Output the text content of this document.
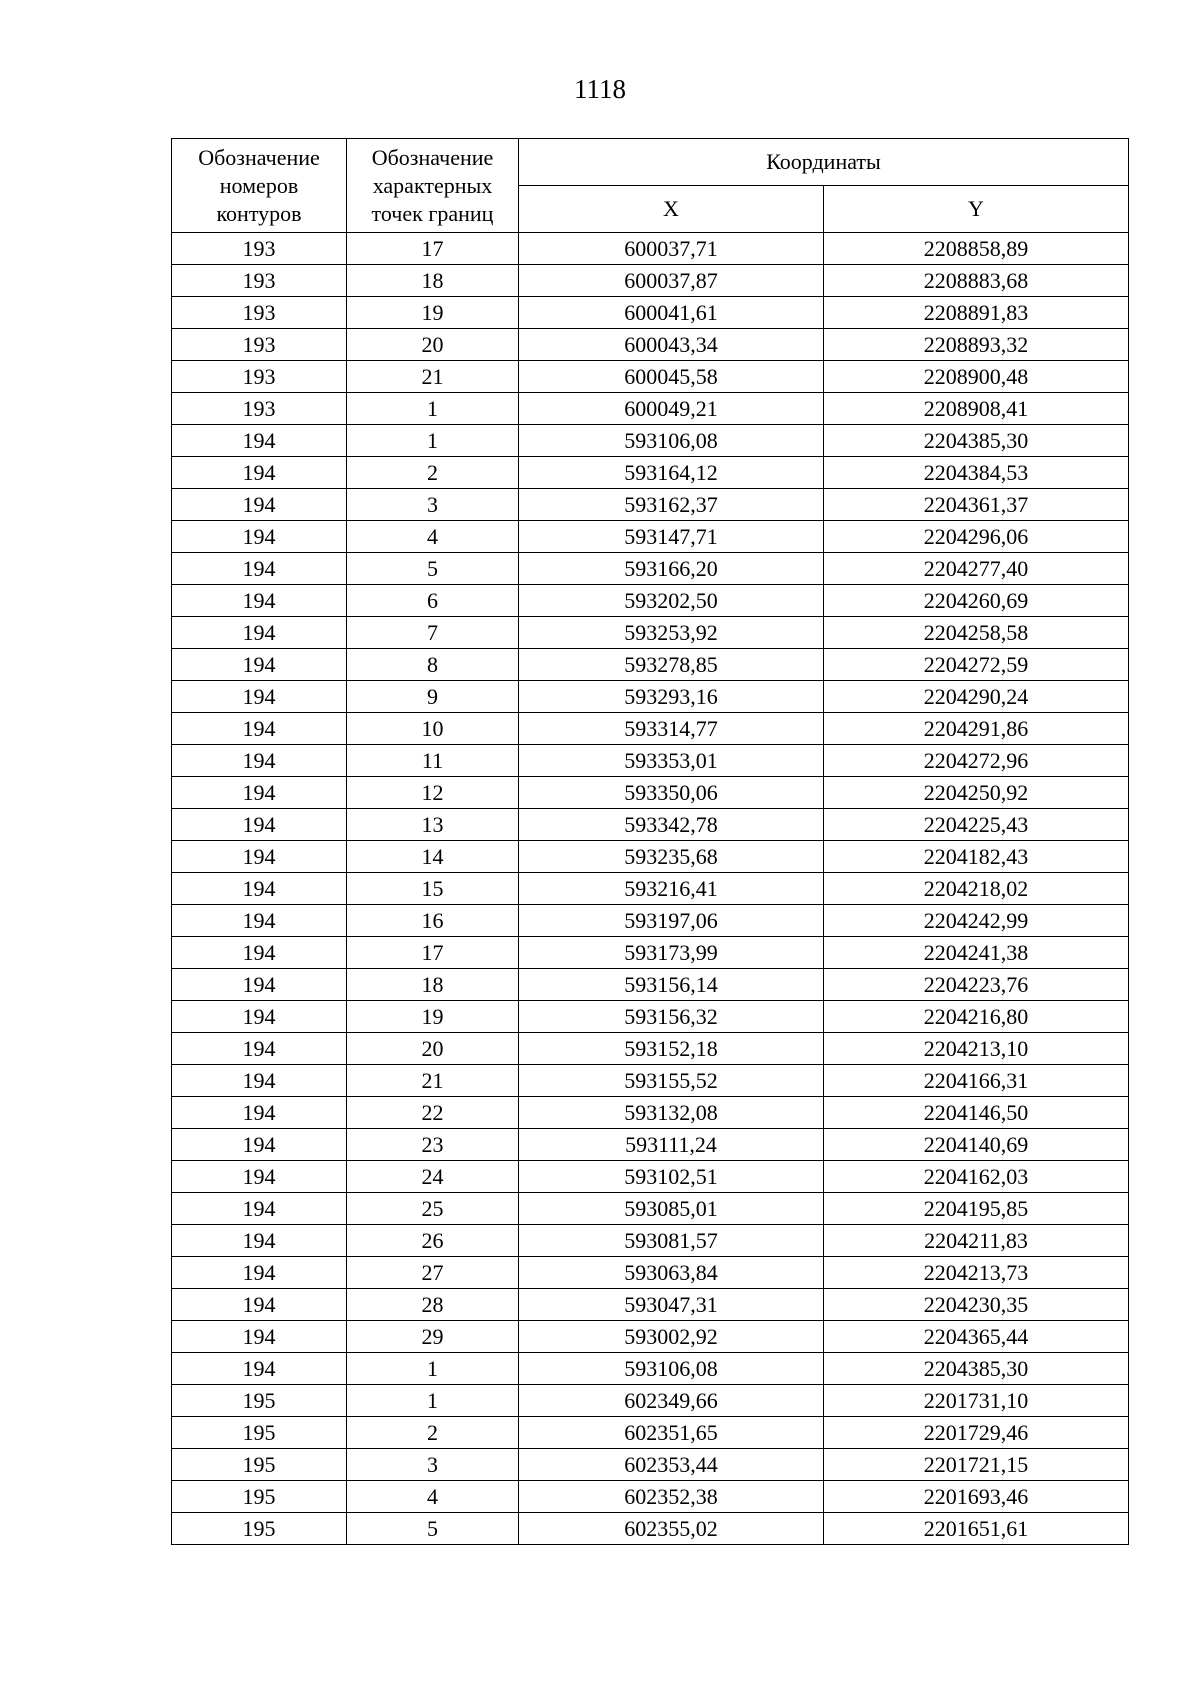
1118
Обозначение
номеров
контуров	Обозначение
характерных
точек границ	Координаты	
		X	Y
193	17	600037,71	2208858,89
193	18	600037,87	2208883,68
193	19	600041,61	2208891,83
193	20	600043,34	2208893,32
193	21	600045,58	2208900,48
193	1	600049,21	2208908,41
194	1	593106,08	2204385,30
194	2	593164,12	2204384,53
194	3	593162,37	2204361,37
194	4	593147,71	2204296,06
194	5	593166,20	2204277,40
194	6	593202,50	2204260,69
194	7	593253,92	2204258,58
194	8	593278,85	2204272,59
194	9	593293,16	2204290,24
194	10	593314,77	2204291,86
194	11	593353,01	2204272,96
194	12	593350,06	2204250,92
194	13	593342,78	2204225,43
194	14	593235,68	2204182,43
194	15	593216,41	2204218,02
194	16	593197,06	2204242,99
194	17	593173,99	2204241,38
194	18	593156,14	2204223,76
194	19	593156,32	2204216,80
194	20	593152,18	2204213,10
194	21	593155,52	2204166,31
194	22	593132,08	2204146,50
194	23	593111,24	2204140,69
194	24	593102,51	2204162,03
194	25	593085,01	2204195,85
194	26	593081,57	2204211,83
194	27	593063,84	2204213,73
194	28	593047,31	2204230,35
194	29	593002,92	2204365,44
194	1	593106,08	2204385,30
195	1	602349,66	2201731,10
195	2	602351,65	2201729,46
195	3	602353,44	2201721,15
195	4	602352,38	2201693,46
195	5	602355,02	2201651,61
